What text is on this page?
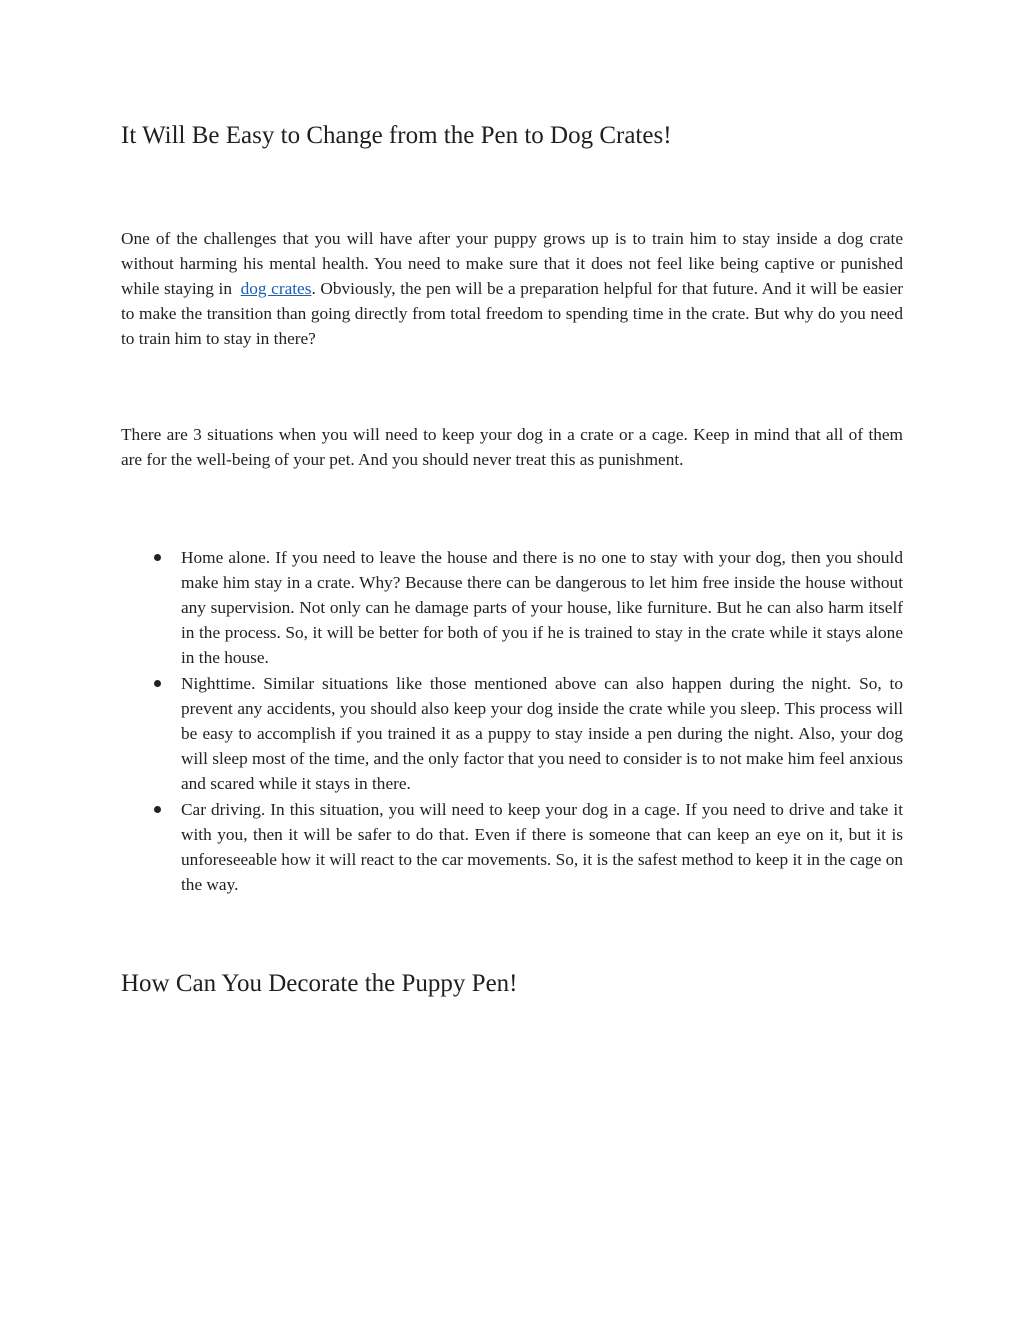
It Will Be Easy to Change from the Pen to Dog Crates!

One of the challenges that you will have after your puppy grows up is to train him to stay inside a dog crate without harming his mental health. You need to make sure that it does not feel like being captive or punished while staying in dog crates. Obviously, the pen will be a preparation helpful for that future. And it will be easier to make the transition than going directly from total freedom to spending time in the crate. But why do you need to train him to stay in there?

There are 3 situations when you will need to keep your dog in a crate or a cage. Keep in mind that all of them are for the well-being of your pet. And you should never treat this as punishment.

Home alone. If you need to leave the house and there is no one to stay with your dog, then you should make him stay in a crate. Why? Because there can be dangerous to let him free inside the house without any supervision. Not only can he damage parts of your house, like furniture. But he can also harm itself in the process. So, it will be better for both of you if he is trained to stay in the crate while it stays alone in the house.
Nighttime. Similar situations like those mentioned above can also happen during the night. So, to prevent any accidents, you should also keep your dog inside the crate while you sleep. This process will be easy to accomplish if you trained it as a puppy to stay inside a pen during the night. Also, your dog will sleep most of the time, and the only factor that you need to consider is to not make him feel anxious and scared while it stays in there.
Car driving. In this situation, you will need to keep your dog in a cage. If you need to drive and take it with you, then it will be safer to do that. Even if there is someone that can keep an eye on it, but it is unforeseeable how it will react to the car movements. So, it is the safest method to keep it in the cage on the way.
How Can You Decorate the Puppy Pen!
